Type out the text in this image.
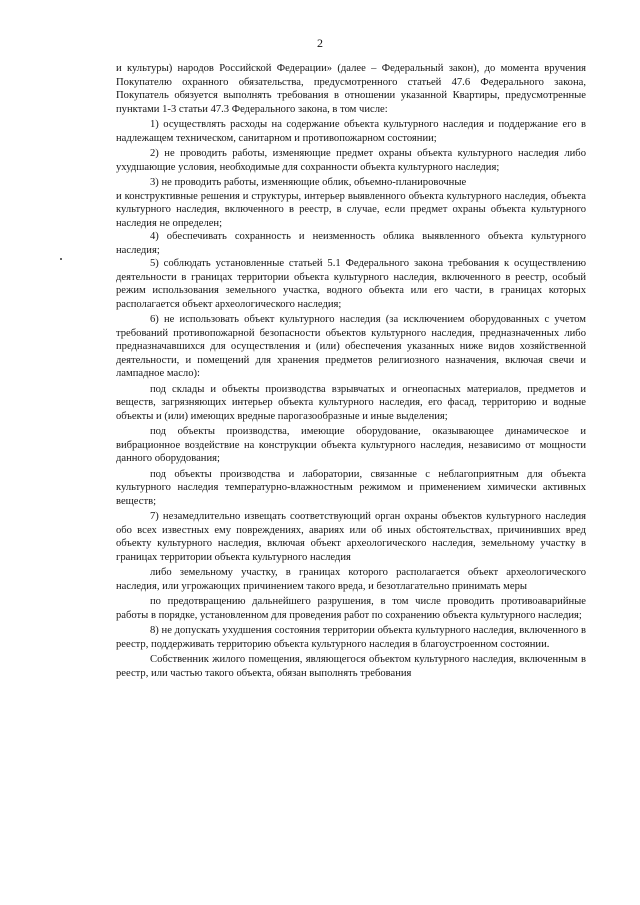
2

и культуры) народов Российской Федерации» (далее – Федеральный закон), до момента вручения Покупателю охранного обязательства, предусмотренного статьей 47.6 Федерального закона, Покупатель обязуется выполнять требования в отношении указанной Квартиры, предусмотренные пунктами 1-3 статьи 47.3 Федерального закона, в том числе:

1) осуществлять расходы на содержание объекта культурного наследия и поддержание его в надлежащем техническом, санитарном и противопожарном состоянии;

2) не проводить работы, изменяющие предмет охраны объекта культурного наследия либо ухудшающие условия, необходимые для сохранности объекта культурного наследия;

3) не проводить работы, изменяющие облик, объемно-планировочные

и конструктивные решения и структуры, интерьер выявленного объекта культурного наследия, объекта культурного наследия, включенного в реестр, в случае, если предмет охраны объекта культурного наследия не определен;

4) обеспечивать сохранность и неизменность облика выявленного объекта культурного наследия;

5) соблюдать установленные статьей 5.1 Федерального закона требования к осуществлению деятельности в границах территории объекта культурного наследия, включенного в реестр, особый режим использования земельного участка, водного объекта или его части, в границах которых располагается объект археологического наследия;

6) не использовать объект культурного наследия (за исключением оборудованных с учетом требований противопожарной безопасности объектов культурного наследия, предназначенных либо предназначавшихся для осуществления и (или) обеспечения указанных ниже видов хозяйственной деятельности, и помещений для хранения предметов религиозного назначения, включая свечи и лампадное масло):

под склады и объекты производства взрывчатых и огнеопасных материалов, предметов и веществ, загрязняющих интерьер объекта культурного наследия, его фасад, территорию и водные объекты и (или) имеющих вредные парогазообразные и иные выделения;

под объекты производства, имеющие оборудование, оказывающее динамическое и вибрационное воздействие на конструкции объекта культурного наследия, независимо от мощности данного оборудования;

под объекты производства и лаборатории, связанные с неблагоприятным для объекта культурного наследия температурно-влажностным режимом и применением химически активных веществ;

7) незамедлительно извещать соответствующий орган охраны объектов культурного наследия обо всех известных ему повреждениях, авариях или об иных обстоятельствах, причинивших вред объекту культурного наследия, включая объект археологического наследия, земельному участку в границах территории объекта культурного наследия

либо земельному участку, в границах которого располагается объект археологического наследия, или угрожающих причинением такого вреда, и безотлагательно принимать меры

по предотвращению дальнейшего разрушения, в том числе проводить противоаварийные работы в порядке, установленном для проведения работ по сохранению объекта культурного наследия;

8) не допускать ухудшения состояния территории объекта культурного наследия, включенного в реестр, поддерживать территорию объекта культурного наследия в благоустроенном состоянии.

Собственник жилого помещения, являющегося объектом культурного наследия, включенным в реестр, или частью такого объекта, обязан выполнять требования
